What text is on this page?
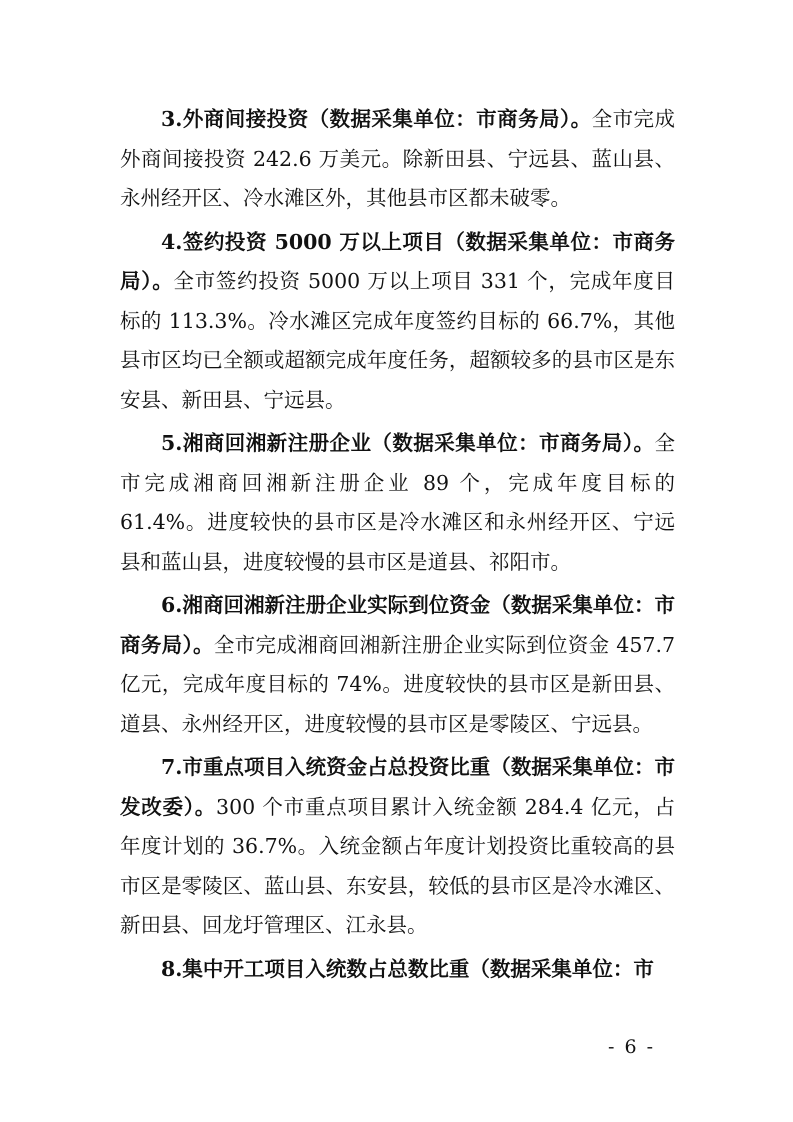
3.外商间接投资（数据采集单位：市商务局）。全市完成外商间接投资 242.6 万美元。除新田县、宁远县、蓝山县、永州经开区、冷水滩区外，其他县市区都未破零。

4.签约投资 5000 万以上项目（数据采集单位：市商务局）。全市签约投资 5000 万以上项目 331 个，完成年度目标的 113.3%。冷水滩区完成年度签约目标的 66.7%，其他县市区均已全额或超额完成年度任务，超额较多的县市区是东安县、新田县、宁远县。

5.湘商回湘新注册企业（数据采集单位：市商务局）。全市完成湘商回湘新注册企业 89 个，完成年度目标的 61.4%。进度较快的县市区是冷水滩区和永州经开区、宁远县和蓝山县，进度较慢的县市区是道县、祁阳市。

6.湘商回湘新注册企业实际到位资金（数据采集单位：市商务局）。全市完成湘商回湘新注册企业实际到位资金 457.7 亿元，完成年度目标的 74%。进度较快的县市区是新田县、道县、永州经开区，进度较慢的县市区是零陵区、宁远县。

7.市重点项目入统资金占总投资比重（数据采集单位：市发改委）。300 个市重点项目累计入统金额 284.4 亿元，占年度计划的 36.7%。入统金额占年度计划投资比重较高的县市区是零陵区、蓝山县、东安县，较低的县市区是冷水滩区、新田县、回龙圩管理区、江永县。

8.集中开工项目入统数占总数比重（数据采集单位：市

- 6 -
